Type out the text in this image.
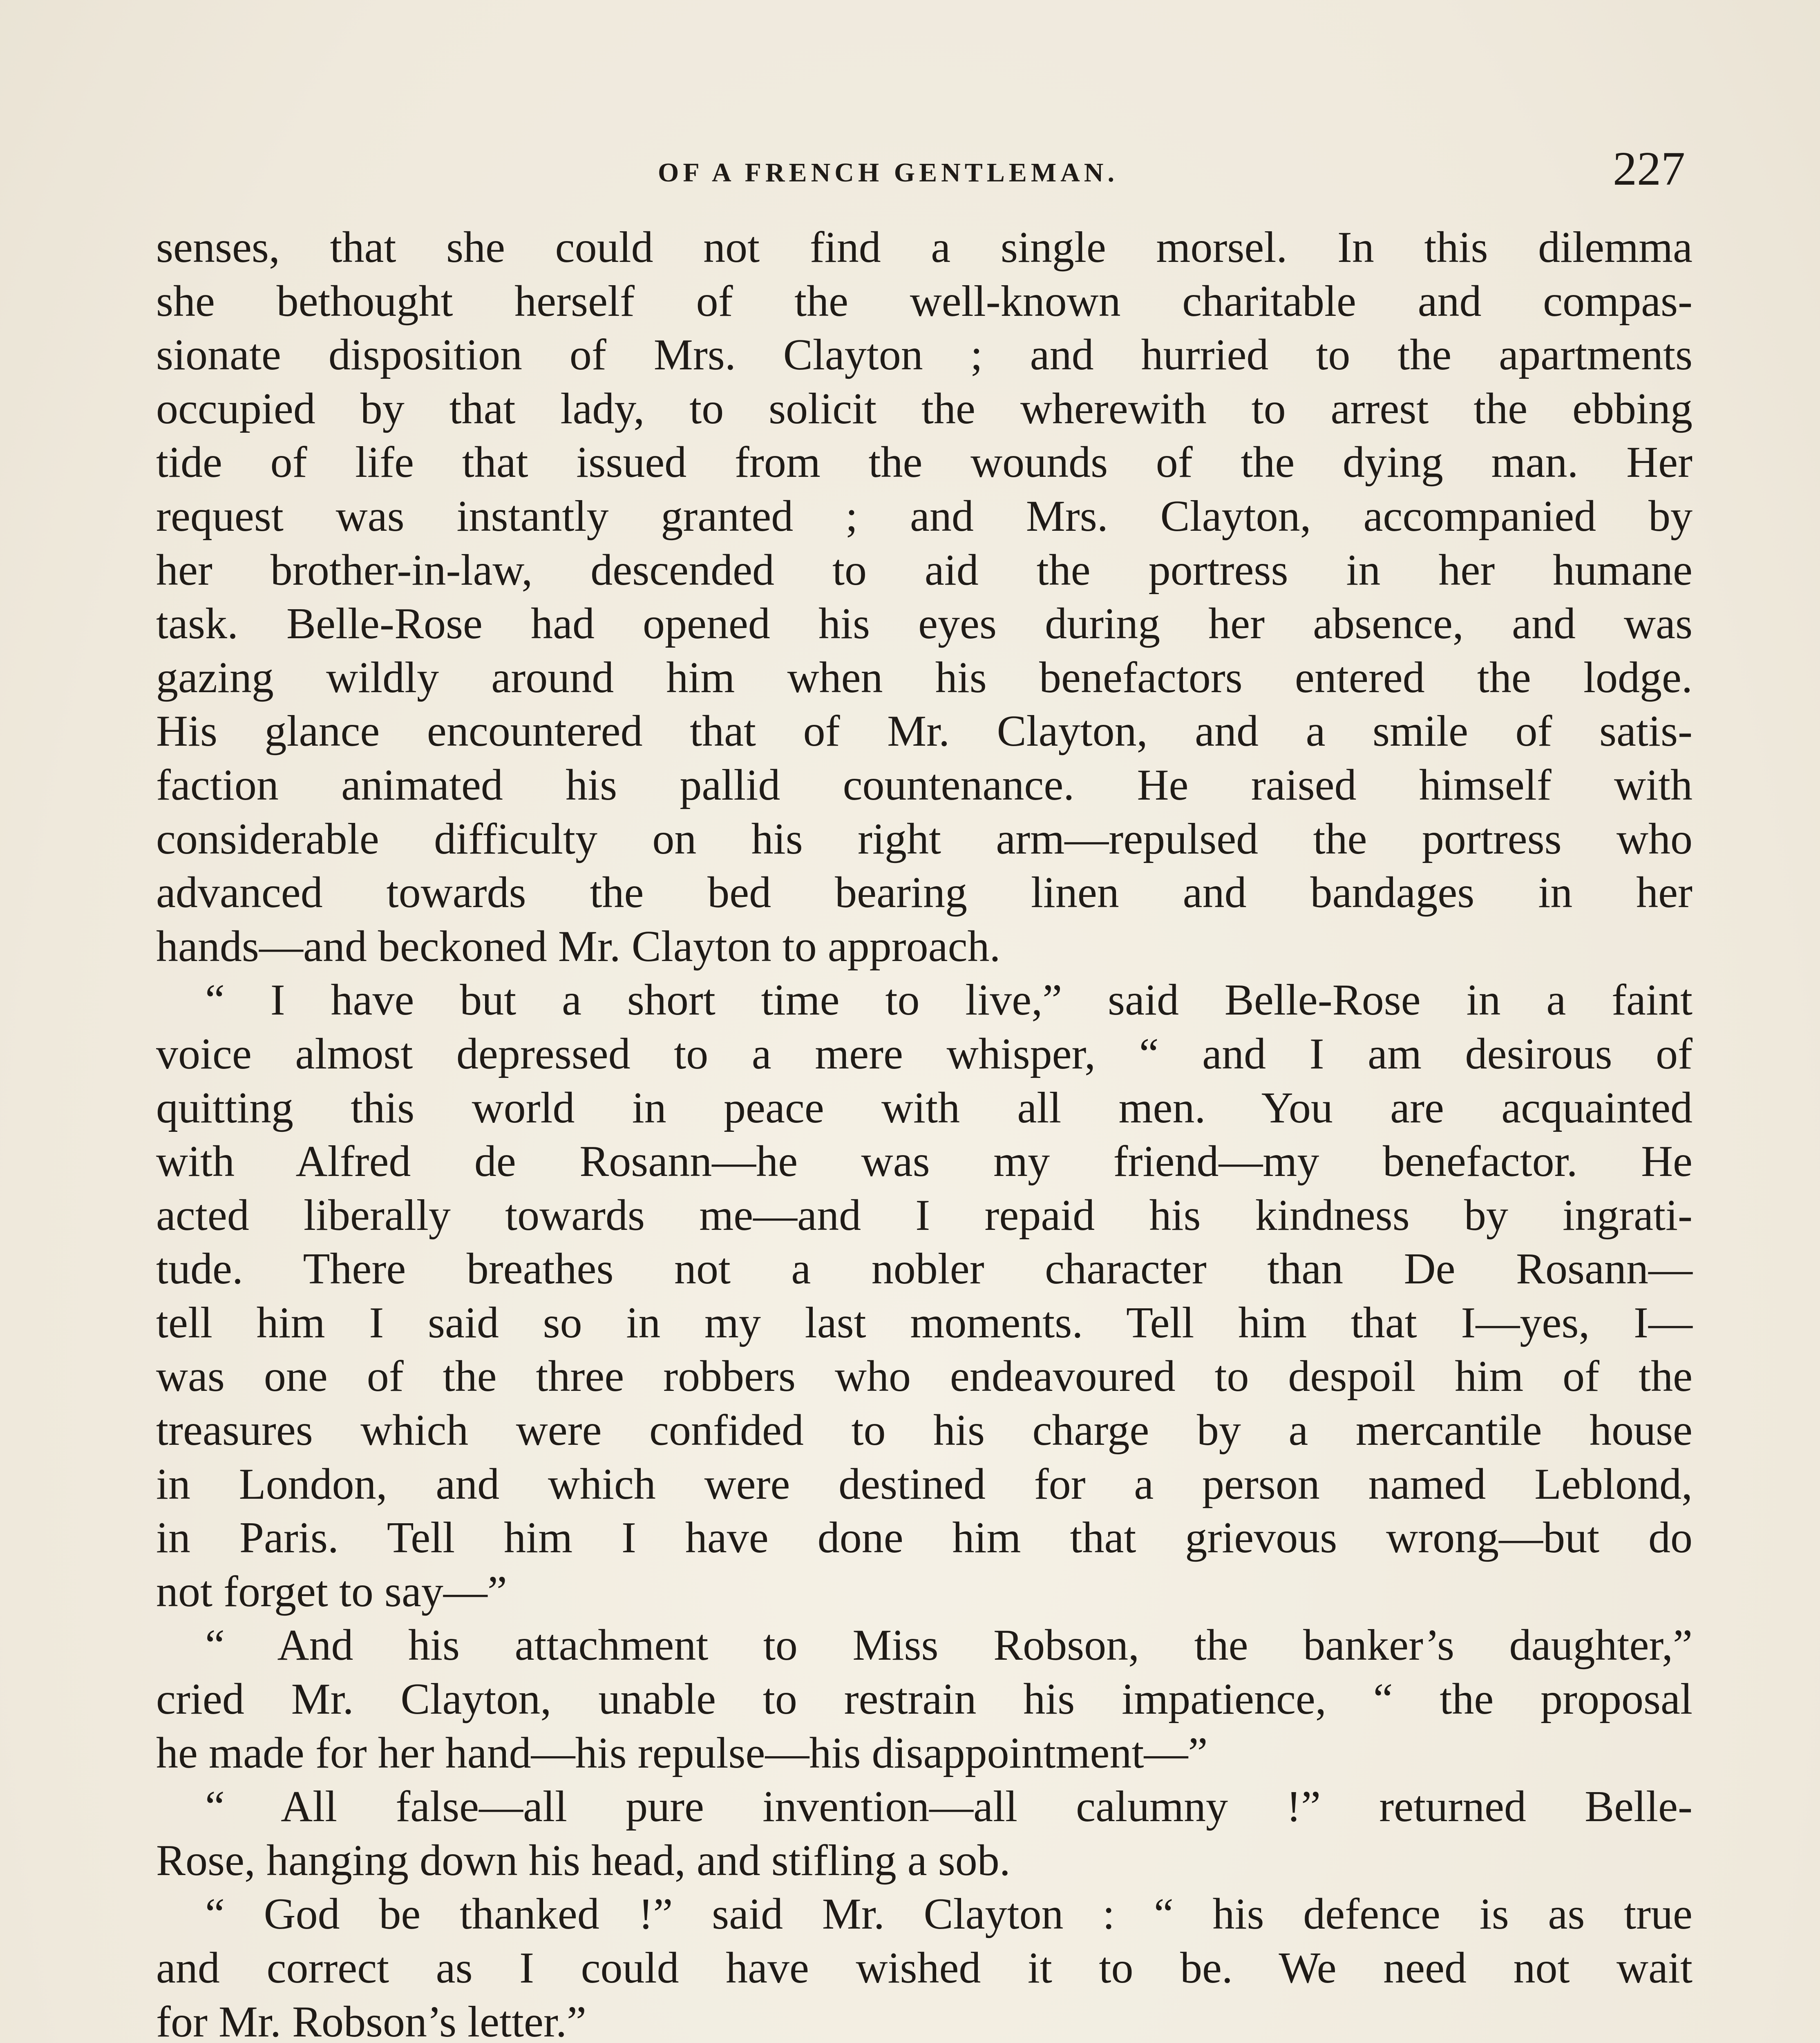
OF A FRENCH GENTLEMAN.	227
senses, that she could not find a single morsel. In this dilemma
she bethought herself of the well-known charitable and compas-
sionate disposition of Mrs. Clayton ; and hurried to the apartments
occupied by that lady, to solicit the wherewith to arrest the ebbing
tide of life that issued from the wounds of the dying man. Her
request was instantly granted ; and Mrs. Clayton, accompanied by
her brother-in-law, descended to aid the portress in her humane
task. Belle-Rose had opened his eyes during her absence, and was
gazing wildly around him when his benefactors entered the lodge.
His glance encountered that of Mr. Clayton, and a smile of satis-
faction animated his pallid countenance. He raised himself with
considerable difficulty on his right arm—repulsed the portress who
advanced towards the bed bearing linen and bandages in her
hands—and beckoned Mr. Clayton to approach.
“ I have but a short time to live,” said Belle-Rose in a faint
voice almost depressed to a mere whisper, “ and I am desirous of
quitting this world in peace with all men. You are acquainted
with Alfred de Rosann—he was my friend—my benefactor. He
acted liberally towards me—and I repaid his kindness by ingrati-
tude. There breathes not a nobler character than De Rosann—
tell him I said so in my last moments. Tell him that I—yes, I—
was one of the three robbers who endeavoured to despoil him of the
treasures which were confided to his charge by a mercantile house
in London, and which were destined for a person named Leblond,
in Paris. Tell him I have done him that grievous wrong—but do
not forget to say—”
“ And his attachment to Miss Robson, the banker’s daughter,”
cried Mr. Clayton, unable to restrain his impatience, “ the proposal
he made for her hand—his repulse—his disappointment—”
“ All false—all pure invention—all calumny !” returned Belle-
Rose, hanging down his head, and stifling a sob.
“ God be thanked !” said Mr. Clayton : “ his defence is as true
and correct as I could have wished it to be. We need not wait
for Mr. Robson’s letter.”
